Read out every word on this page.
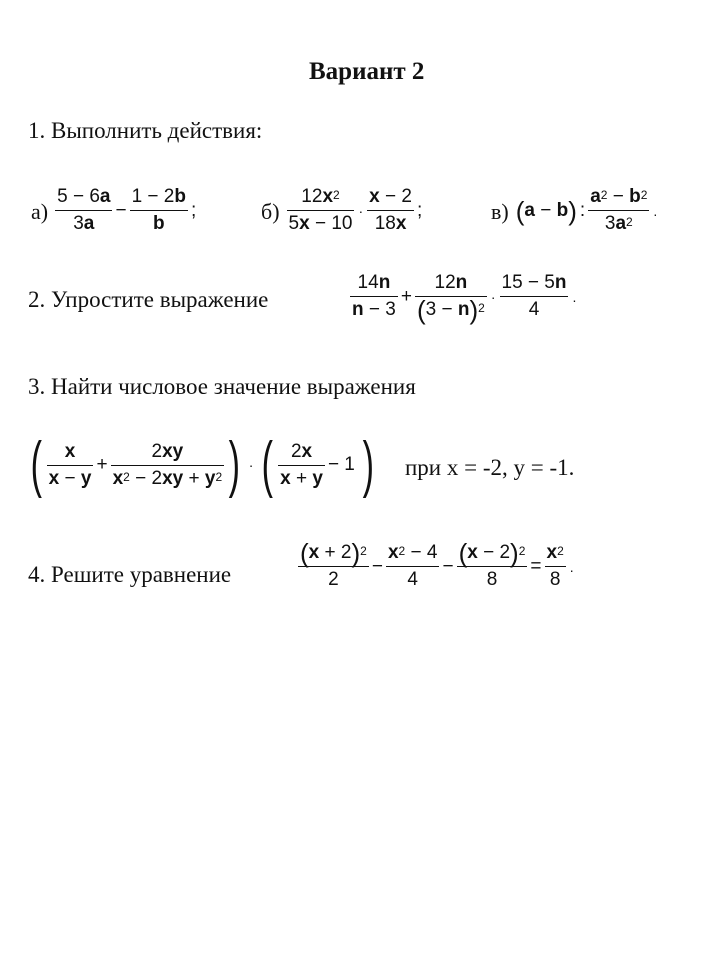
Вариант 2
1. Выполнить действия:
$а) \frac{5 - 6a}{3a} - \frac{1 - 2b}{b}$ ;	$б) \frac{12x^2}{5x - 10} \cdot \frac{x - 2}{18x}$ ;	в) (a − b) : $\frac{a^2 - b^2}{3a^2}$ .
2. Упростите выражение	$\frac{14n}{n - 3} + \frac{12n}{(3 - n)^2} \cdot \frac{15 - 5n}{4}$ .
3. Найти числовое значение выражения
( $\frac{x}{x - y} + \frac{2xy}{x^2 - 2xy + y^2}$ ) · ( $\frac{2x}{x + y} - 1$ ) при x = -2, y = -1.
4. Решите уравнение	$\frac{(x + 2)^2}{2} - \frac{x^2 - 4}{4} - \frac{(x - 2)^2}{8} = \frac{x^2}{8}$ .
